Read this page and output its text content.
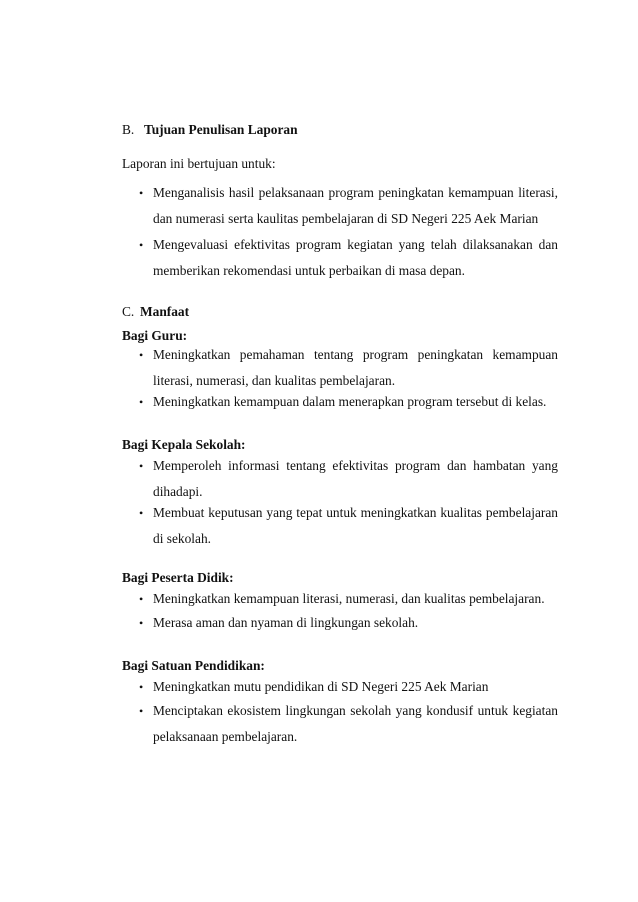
B. Tujuan Penulisan Laporan
Laporan ini bertujuan untuk:
• Menganalisis hasil pelaksanaan program peningkatan kemampuan literasi, dan numerasi serta kaulitas pembelajaran di SD Negeri 225 Aek Marian
• Mengevaluasi efektivitas program kegiatan yang telah dilaksanakan dan memberikan rekomendasi untuk perbaikan di masa depan.
C. Manfaat
Bagi Guru:
• Meningkatkan pemahaman tentang program peningkatan kemampuan literasi, numerasi, dan kualitas pembelajaran.
• Meningkatkan kemampuan dalam menerapkan program tersebut di kelas.
Bagi Kepala Sekolah:
• Memperoleh informasi tentang efektivitas program dan hambatan yang dihadapi.
• Membuat keputusan yang tepat untuk meningkatkan kualitas pembelajaran di sekolah.
Bagi Peserta Didik:
• Meningkatkan kemampuan literasi, numerasi, dan kualitas pembelajaran.
• Merasa aman dan nyaman di lingkungan sekolah.
Bagi Satuan Pendidikan:
• Meningkatkan mutu pendidikan di SD Negeri 225 Aek Marian
• Menciptakan ekosistem lingkungan sekolah yang kondusif untuk kegiatan pelaksanaan pembelajaran.
